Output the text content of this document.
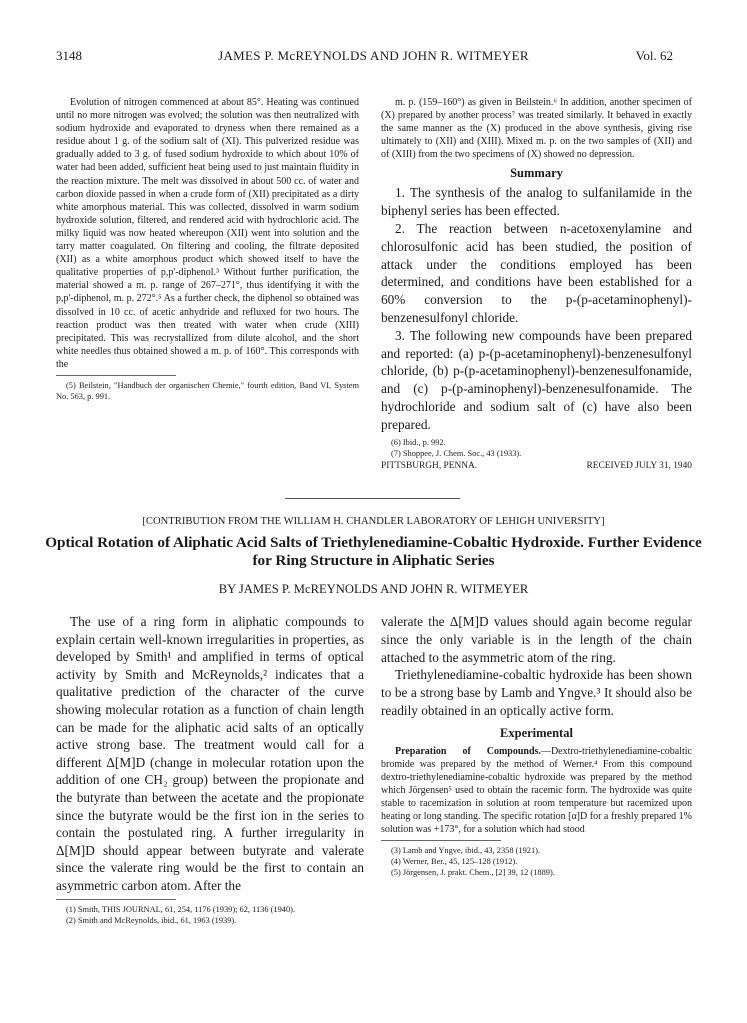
3148	JAMES P. McREYNOLDS AND JOHN R. WITMEYER	Vol. 62

Evolution of nitrogen commenced at about 85°. Heating was continued until no more nitrogen was evolved; the solution was then neutralized with sodium hydroxide and evaporated to dryness when there remained as a residue about 1 g. of the sodium salt of (XI). This pulverized residue was gradually added to 3 g. of fused sodium hydroxide to which about 10% of water had been added, sufficient heat being used to just maintain fluidity in the reaction mixture. The melt was dissolved in about 500 cc. of water and carbon dioxide passed in when a crude form of (XII) precipitated as a dirty white amorphous material. This was collected, dissolved in warm sodium hydroxide solution, filtered, and rendered acid with hydrochloric acid. The milky liquid was now heated whereupon (XII) went into solution and the tarry matter coagulated. On filtering and cooling, the filtrate deposited (XII) as a white amorphous product which showed itself to have the qualitative properties of p,p'-diphenol.³ Without further purification, the material showed a m. p. range of 267–271°, thus identifying it with the p,p'-diphenol, m. p. 272°.⁵ As a further check, the diphenol so obtained was dissolved in 10 cc. of acetic anhydride and refluxed for two hours. The reaction product was then treated with water when crude (XIII) precipitated. This was recrystallized from dilute alcohol, and the short white needles thus obtained showed a m. p. of 160°. This corresponds with the

(5) Beilstein, "Handbuch der organischen Chemie," fourth edition, Band VI, System No. 563, p. 991.

m. p. (159–160°) as given in Beilstein.⁶ In addition, another specimen of (X) prepared by another process⁷ was treated similarly. It behaved in exactly the same manner as the (X) produced in the above synthesis, giving rise ultimately to (XII) and (XIII). Mixed m. p. on the two samples of (XII) and of (XIII) from the two specimens of (X) showed no depression.

Summary

1. The synthesis of the analog to sulfanilamide in the biphenyl series has been effected.

2. The reaction between n-acetoxenylamine and chlorosulfonic acid has been studied, the position of attack under the conditions employed has been determined, and conditions have been established for a 60% conversion to the p-(p-acetaminophenyl)-benzenesulfonyl chloride.

3. The following new compounds have been prepared and reported: (a) p-(p-acetaminophenyl)-benzenesulfonyl chloride, (b) p-(p-acetaminophenyl)-benzenesulfonamide, and (c) p-(p-aminophenyl)-benzenesulfonamide. The hydrochloride and sodium salt of (c) have also been prepared.

(6) Ibid., p. 992.

(7) Shoppee, J. Chem. Soc., 43 (1933).

PITTSBURGH, PENNA.	RECEIVED JULY 31, 1940
[CONTRIBUTION FROM THE WILLIAM H. CHANDLER LABORATORY OF LEHIGH UNIVERSITY]
Optical Rotation of Aliphatic Acid Salts of Triethylenediamine-Cobaltic Hydroxide. Further Evidence for Ring Structure in Aliphatic Series
BY JAMES P. McREYNOLDS AND JOHN R. WITMEYER

The use of a ring form in aliphatic compounds to explain certain well-known irregularities in properties, as developed by Smith¹ and amplified in terms of optical activity by Smith and McReynolds,² indicates that a qualitative prediction of the character of the curve showing molecular rotation as a function of chain length can be made for the aliphatic acid salts of an optically active strong base. The treatment would call for a different Δ[M]D (change in molecular rotation upon the addition of one CH₂ group) between the propionate and the butyrate than between the acetate and the propionate since the butyrate would be the first ion in the series to contain the postulated ring. A further irregularity in Δ[M]D should appear between butyrate and valerate since the valerate ring would be the first to contain an asymmetric carbon atom. After the

(1) Smith, THIS JOURNAL, 61, 254, 1176 (1939); 62, 1136 (1940).

(2) Smith and McReynolds, ibid., 61, 1963 (1939).

valerate the Δ[M]D values should again become regular since the only variable is in the length of the chain attached to the asymmetric atom of the ring.

Triethylenediamine-cobaltic hydroxide has been shown to be a strong base by Lamb and Yngve.³ It should also be readily obtained in an optically active form.

Experimental

Preparation of Compounds.—Dextro-triethylenediamine-cobaltic bromide was prepared by the method of Werner.⁴ From this compound dextro-triethylenediamine-cobaltic hydroxide was prepared by the method which Jörgensen⁵ used to obtain the racemic form. The hydroxide was quite stable to racemization in solution at room temperature but racemized upon heating or long standing. The specific rotation [α]D for a freshly prepared 1% solution was +173°, for a solution which had stood

(3) Lamb and Yngve, ibid., 43, 2358 (1921).

(4) Werner, Ber., 45, 125–128 (1912).

(5) Jörgensen, J. prakt. Chem., [2] 39, 12 (1889).
